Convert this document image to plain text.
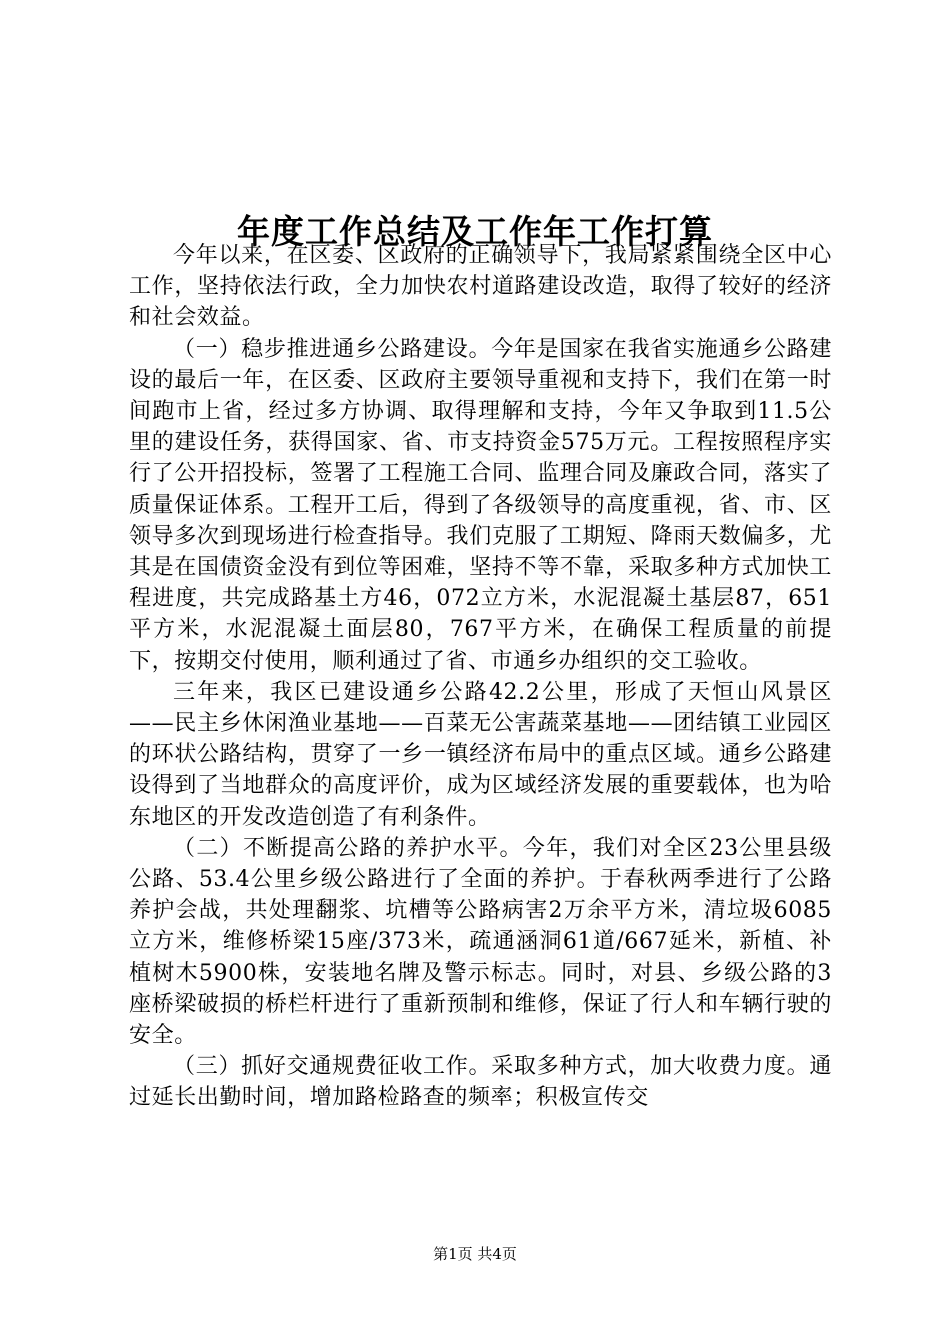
年度工作总结及工作年工作打算

今年以来，在区委、区政府的正确领导下，我局紧紧围绕全区中心工作，坚持依法行政，全力加快农村道路建设改造，取得了较好的经济和社会效益。

（一）稳步推进通乡公路建设。今年是国家在我省实施通乡公路建设的最后一年，在区委、区政府主要领导重视和支持下，我们在第一时间跑市上省，经过多方协调、取得理解和支持，今年又争取到11.5公里的建设任务，获得国家、省、市支持资金575万元。工程按照程序实行了公开招投标，签署了工程施工合同、监理合同及廉政合同，落实了质量保证体系。工程开工后，得到了各级领导的高度重视，省、市、区领导多次到现场进行检查指导。我们克服了工期短、降雨天数偏多，尤其是在国债资金没有到位等困难，坚持不等不靠，采取多种方式加快工程进度，共完成路基土方46，072立方米，水泥混凝土基层87，651平方米，水泥混凝土面层80，767平方米，在确保工程质量的前提下，按期交付使用，顺利通过了省、市通乡办组织的交工验收。

三年来，我区已建设通乡公路42.2公里，形成了天恒山风景区——民主乡休闲渔业基地——百菜无公害蔬菜基地——团结镇工业园区的环状公路结构，贯穿了一乡一镇经济布局中的重点区域。通乡公路建设得到了当地群众的高度评价，成为区域经济发展的重要载体，也为哈东地区的开发改造创造了有利条件。

（二）不断提高公路的养护水平。今年，我们对全区23公里县级公路、53.4公里乡级公路进行了全面的养护。于春秋两季进行了公路养护会战，共处理翻浆、坑槽等公路病害2万余平方米，清垃圾6085立方米，维修桥梁15座/373米，疏通涵洞61道/667延米，新植、补植树木5900株，安装地名牌及警示标志。同时，对县、乡级公路的3座桥梁破损的桥栏杆进行了重新预制和维修，保证了行人和车辆行驶的安全。

（三）抓好交通规费征收工作。采取多种方式，加大收费力度。通过延长出勤时间，增加路检路查的频率；积极宣传交

第1页 共4页
